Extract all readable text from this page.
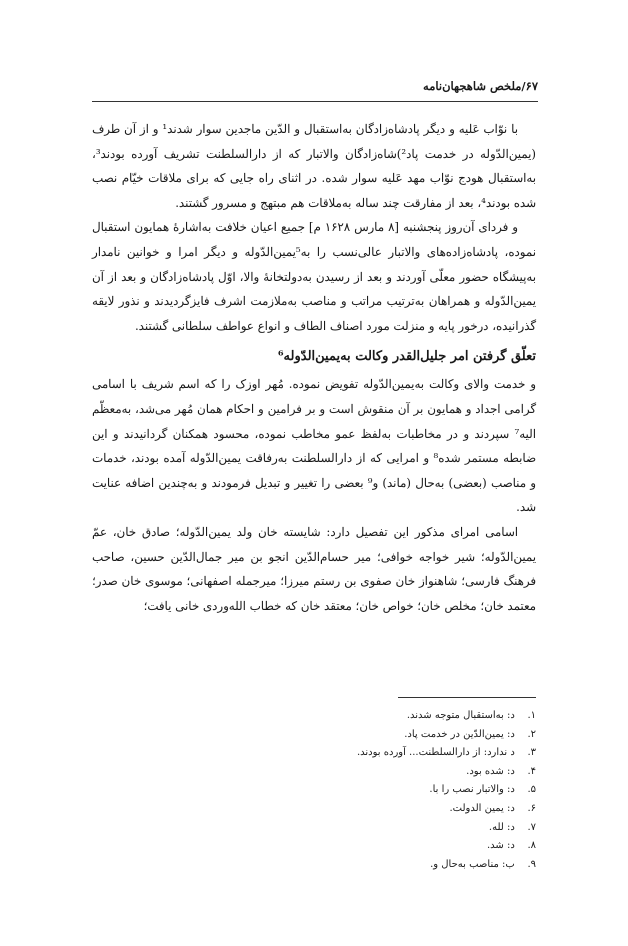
۶۷/ملخص شاهجهان‌نامه

با نوّاب عَلیه و دیگر پادشاه‌زادگان به‌استقبال و الدّین ماجدین سوار شدند¹ و از آن طرف (یمین‌الدّوله در خدمت پاد²)شاه‌زادگان والاتبار که از دارالسلطنت تشریف آورده بودند³، به‌استقبال هودج نوّاب مهد عَلیه سوار شده. در اثنای راه جایی که برای ملاقات خیّام نصب شده بودند⁴، بعد از مفارقت چند ساله به‌ملاقات هم مبتهج و مسرور گشتند.

و فردای آن‌روز پنجشنبه [۸ مارس ۱۶۲۸ م] جمیع اعیان خلافت به‌اشارهٔ همایون استقبال نموده، پادشاه‌زاده‌های والاتبار عالی‌نسب را به⁵یمین‌الدّوله و دیگر امرا و خوانین نامدار به‌پیشگاه حضور معلّی آوردند و بعد از رسیدن به‌دولتخانهٔ والا، اوّل پادشاه‌زادگان و بعد از آن یمین‌الدّوله و همراهان به‌ترتیب مراتب و مناصب به‌ملازمت اشرف فایزگردیدند و نذور لایقه گذرانیده، درخور پایه و منزلت مورد اصناف الطاف و انواع عواطف سلطانی گشتند.

تعلّق گرفتن امر جلیل‌القدر وکالت به‌یمین‌الدّوله⁶

و خدمت والای وکالت به‌یمین‌الدّوله تفویض نموده. مُهر اوزک را که اسم شریف با اسامی گرامی اجداد و همایون بر آن منقوش است و بر فرامین و احکام همان مُهر می‌شد، به‌معظّم الیه⁷ سپردند و در مخاطبات به‌لفظ عمو مخاطب نموده، محسود همکنان گردانیدند و این ضابطه مستمر شده⁸ و امرایی که از دارالسلطنت به‌رفاقت یمین‌الدّوله آمده بودند، خدمات و مناصب (بعضی) به‌حال (ماند) و⁹ بعضی را تغییر و تبدیل فرمودند و به‌چندین اضافه عنایت شد.

اسامی امرای مذکور این تفصیل دارد: شایسته خان ولد یمین‌الدّوله؛ صادق خان، عمّ یمین‌الدّوله؛ شیر خواجه خوافی؛ میر حسام‌الدّین انجو بن میر جمال‌الدّین حسین، صاحب فرهنگ فارسی؛ شاهنواز خان صفوی بن رستم میرزا؛ میرجمله اصفهانی؛ موسوی خان صدر؛ معتمد خان؛ مخلص خان؛ خواص خان؛ معتقد خان که خطاب الله‌وردی خانی یافت؛

۱. د: به‌استقبال متوجه شدند.
۲. د: یمین‌الدّین در خدمت پاد.
۳. د ندارد: از دارالسلطنت... آورده بودند.
۴. د: شده بود.
۵. د: والاتبار نصب را با.
۶. د: یمین الدولت.
۷. د: لله.
۸. د: شد.
۹. ب: مناصب به‌حال و.
